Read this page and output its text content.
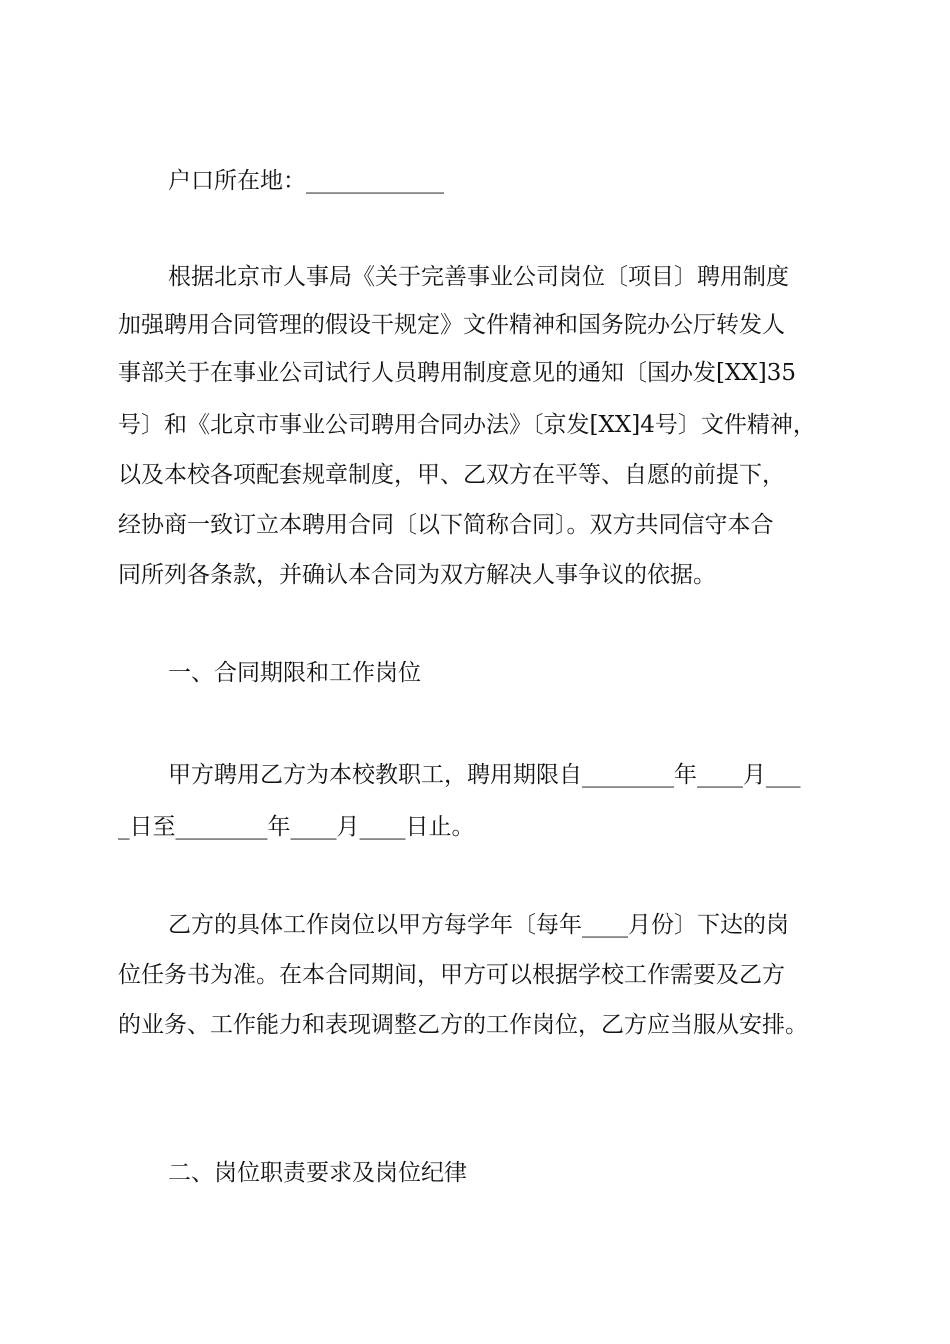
户口所在地：____________

根据北京市人事局《关于完善事业公司岗位〔项目〕聘用制度

加强聘用合同管理的假设干规定》文件精神和国务院办公厅转发人

事部关于在事业公司试行人员聘用制度意见的通知〔国办发[XX]35

号〕和《北京市事业公司聘用合同办法》〔京发[XX]4号〕文件精神，

以及本校各项配套规章制度，甲、乙双方在平等、自愿的前提下，

经协商一致订立本聘用合同〔以下简称合同〕。双方共同信守本合

同所列各条款，并确认本合同为双方解决人事争议的依据。

一、合同期限和工作岗位

甲方聘用乙方为本校教职工，聘用期限自________年____月___

_日至________年____月____日止。

乙方的具体工作岗位以甲方每学年〔每年____月份〕下达的岗

位任务书为准。在本合同期间，甲方可以根据学校工作需要及乙方

的业务、工作能力和表现调整乙方的工作岗位，乙方应当服从安排。

二、岗位职责要求及岗位纪律
